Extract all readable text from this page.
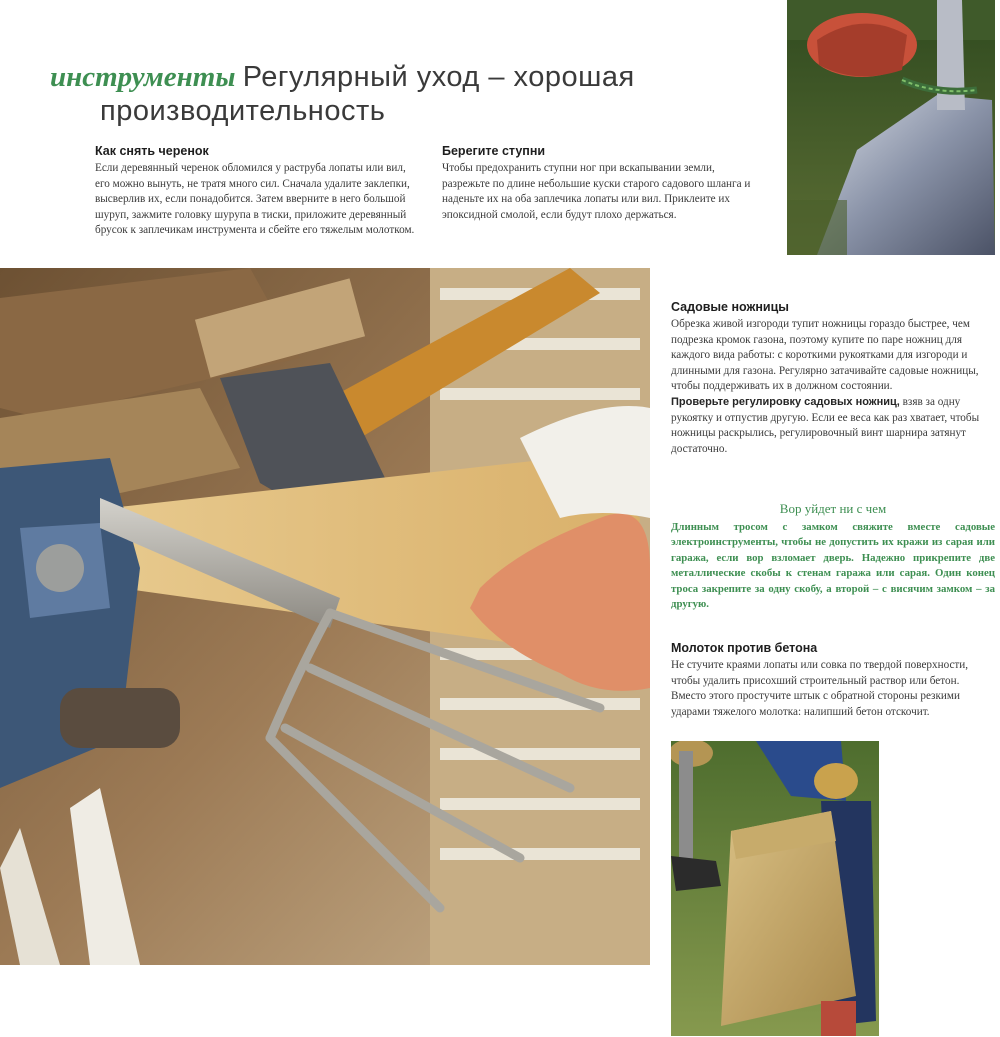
инструменты Регулярный уход – хорошая
производительность
Как снять черенок

Если деревянный черенок обломился у раструба лопаты или вил, его можно вынуть, не тратя много сил. Сначала удалите заклепки, высверлив их, если понадобится. Затем вверните в него большой шуруп, зажмите головку шурупа в тиски, приложите деревянный брусок к заплечикам инструмента и сбейте его тяжелым молотком.

Берегите ступни

Чтобы предохранить ступни ног при вскапывании земли, разрежьте по длине небольшие куски старого садового шланга и наденьте их на оба заплечика лопаты или вил. Приклеите их эпоксидной смолой, если будут плохо держаться.

Садовые ножницы

Обрезка живой изгороди тупит ножницы гораздо быстрее, чем подрезка кромок газона, поэтому купите по паре ножниц для каждого вида работы: с короткими рукоятками для изгороди и длинными для газона. Регулярно затачивайте садовые ножницы, чтобы поддерживать их в должном состоянии.
Проверьте регулировку садовых ножниц, взяв за одну рукоятку и отпустив другую. Если ее веса как раз хватает, чтобы ножницы раскрылись, регулировочный винт шарнира затянут достаточно.

Вор уйдет ни с чем

Длинным тросом с замком свяжите вместе садовые электроинструменты, чтобы не допустить их кражи из сарая или гаража, если вор взломает дверь. Надежно прикрепите две металлические скобы к стенам гаража или сарая. Один конец троса закрепите за одну скобу, а второй – с висячим замком – за другую.

Молоток против бетона

Не стучите краями лопаты или совка по твердой поверхности, чтобы удалить присохший строительный раствор или бетон. Вместо этого простучите штык с обратной стороны резкими ударами тяжелого молотка: налипший бетон отскочит.
